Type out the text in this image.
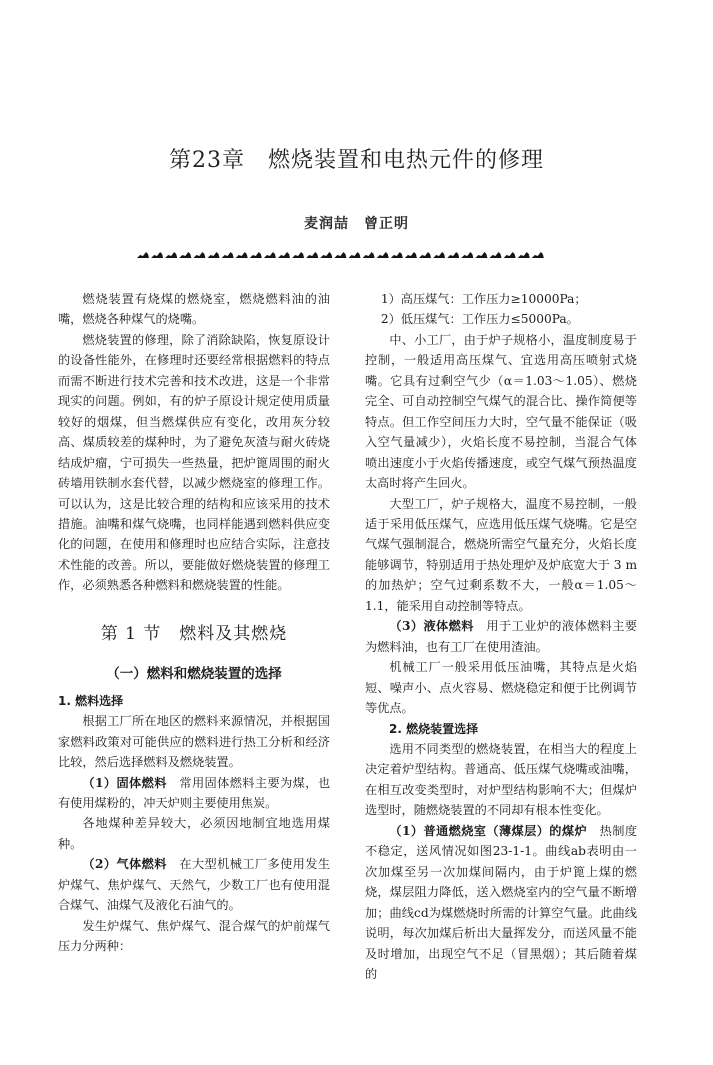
第23章　燃烧装置和电热元件的修理
麦润喆　曾正明

燃烧装置有烧煤的燃烧室，燃烧燃料油的油嘴，燃烧各种煤气的烧嘴。

燃烧装置的修理，除了消除缺陷，恢复原设计的设备性能外，在修理时还要经常根据燃料的特点而需不断进行技术完善和技术改进，这是一个非常现实的问题。例如，有的炉子原设计规定使用质量较好的烟煤，但当燃煤供应有变化，改用灰分较高、煤质较差的煤种时，为了避免灰渣与耐火砖烧结成炉瘤，宁可损失一些热量，把炉篦周围的耐火砖墙用铁制水套代替，以减少燃烧室的修理工作。可以认为，这是比较合理的结构和应该采用的技术措施。油嘴和煤气烧嘴，也同样能遇到燃料供应变化的问题，在使用和修理时也应结合实际，注意技术性能的改善。所以，要能做好燃烧装置的修理工作，必须熟悉各种燃料和燃烧装置的性能。

第 1 节　燃料及其燃烧
（一）燃料和燃烧装置的选择

1. 燃料选择

根据工厂所在地区的燃料来源情况，并根据国家燃料政策对可能供应的燃料进行热工分析和经济比较，然后选择燃料及燃烧装置。

（1）固体燃料　常用固体燃料主要为煤，也有使用煤粉的，冲天炉则主要使用焦炭。

各地煤种差异较大，必须因地制宜地选用煤种。

（2）气体燃料　在大型机械工厂多使用发生炉煤气、焦炉煤气、天然气，少数工厂也有使用混合煤气、油煤气及液化石油气的。

发生炉煤气、焦炉煤气、混合煤气的炉前煤气压力分两种：

1）高压煤气：工作压力≥10000Pa；

2）低压煤气：工作压力≤5000Pa。

中、小工厂，由于炉子规格小，温度制度易于控制，一般适用高压煤气、宜选用高压喷射式烧嘴。它具有过剩空气少（α＝1.03～1.05）、燃烧完全、可自动控制空气煤气的混合比、操作简便等特点。但工作空间压力大时，空气量不能保证（吸入空气量减少），火焰长度不易控制，当混合气体喷出速度小于火焰传播速度，或空气煤气预热温度太高时将产生回火。

大型工厂，炉子规格大，温度不易控制，一般适于采用低压煤气，应选用低压煤气烧嘴。它是空气煤气强制混合，燃烧所需空气量充分，火焰长度能够调节，特别适用于热处理炉及炉底宽大于 3 m 的加热炉；空气过剩系数不大，一般α＝1.05～1.1，能采用自动控制等特点。

（3）液体燃料　用于工业炉的液体燃料主要为燃料油，也有工厂在使用渣油。

机械工厂一般采用低压油嘴，其特点是火焰短、噪声小、点火容易、燃烧稳定和便于比例调节等优点。

2. 燃烧装置选择

选用不同类型的燃烧装置，在相当大的程度上决定着炉型结构。普通高、低压煤气烧嘴或油嘴，在相互改变类型时，对炉型结构影响不大；但煤炉选型时，随燃烧装置的不同却有根本性变化。

（1）普通燃烧室（薄煤层）的煤炉　热制度不稳定，送风情况如图23-1-1。曲线ab表明由一次加煤至另一次加煤间隔内，由于炉篦上煤的燃烧，煤层阻力降低，送入燃烧室内的空气量不断增加；曲线cd为煤燃烧时所需的计算空气量。此曲线说明，每次加煤后析出大量挥发分，而送风量不能及时增加，出现空气不足（冒黑烟）；其后随着煤的
